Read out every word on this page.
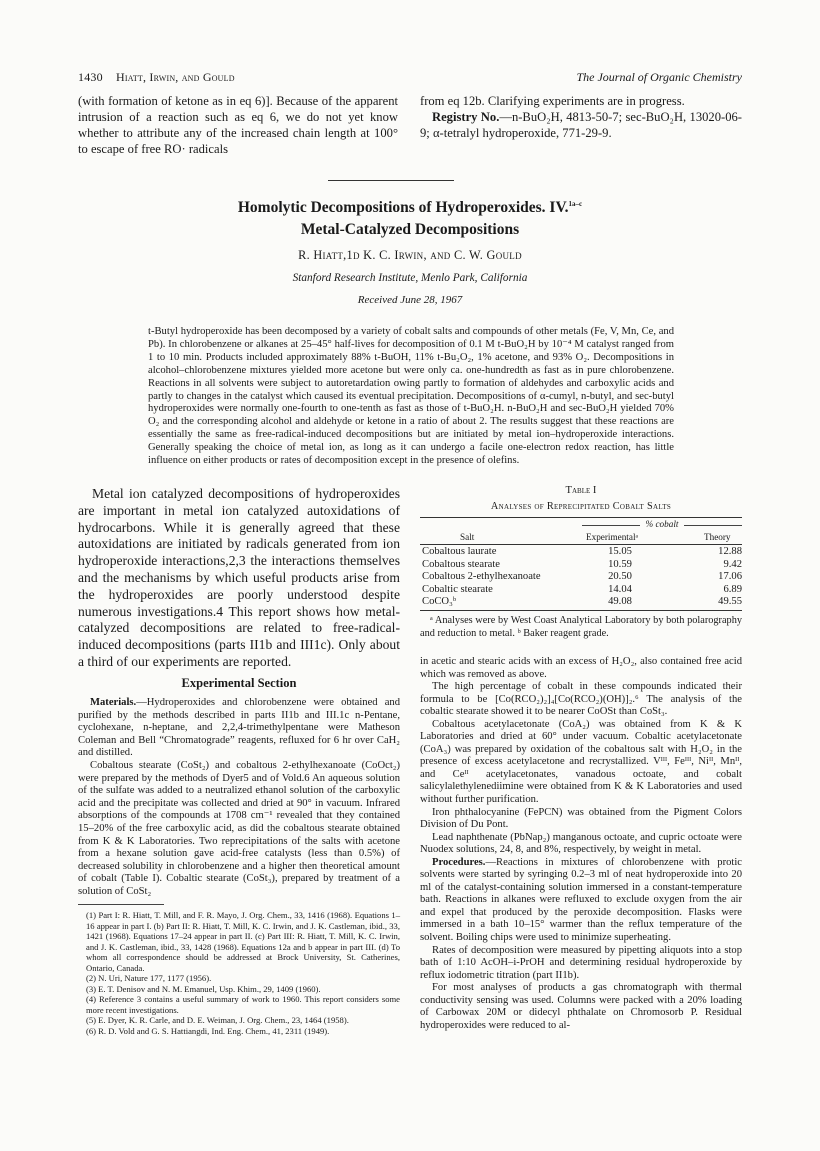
1430 Hiatt, Irwin, and Gould	The Journal of Organic Chemistry
(with formation of ketone as in eq 6)]. Because of the apparent intrusion of a reaction such as eq 6, we do not yet know whether to attribute any of the increased chain length at 100° to escape of free RO· radicals

from eq 12b. Clarifying experiments are in progress.

Registry No.—n-BuO₂H, 4813-50-7; sec-BuO₂H, 13020-06-9; α-tetralyl hydroperoxide, 771-29-9.

Homolytic Decompositions of Hydroperoxides. IV.$^{1a-c}$
Metal-Catalyzed Decompositions
R. Hiatt,1d K. C. Irwin, and C. W. Gould
Stanford Research Institute, Menlo Park, California
Received June 28, 1967
t-Butyl hydroperoxide has been decomposed by a variety of cobalt salts and compounds of other metals (Fe, V, Mn, Ce, and Pb). In chlorobenzene or alkanes at 25–45° half-lives for decomposition of 0.1 M t-BuO₂H by 10⁻⁴ M catalyst ranged from 1 to 10 min. Products included approximately 88% t-BuOH, 11% t-Bu₂O₂, 1% acetone, and 93% O₂. Decompositions in alcohol–chlorobenzene mixtures yielded more acetone but were only ca. one-hundredth as fast as in pure chlorobenzene. Reactions in all solvents were subject to autoretardation owing partly to formation of aldehydes and carboxylic acids and partly to changes in the catalyst which caused its eventual precipitation. Decompositions of α-cumyl, n-butyl, and sec-butyl hydroperoxides were normally one-fourth to one-tenth as fast as those of t-BuO₂H. n-BuO₂H and sec-BuO₂H yielded 70% O₂ and the corresponding alcohol and aldehyde or ketone in a ratio of about 2. The results suggest that these reactions are essentially the same as free-radical-induced decompositions but are initiated by metal ion–hydroperoxide interactions. Generally speaking the choice of metal ion, as long as it can undergo a facile one-electron redox reaction, has little influence on either products or rates of decomposition except in the presence of olefins.
Metal ion catalyzed decompositions of hydroperoxides are important in metal ion catalyzed autoxidations of hydrocarbons. While it is generally agreed that these autoxidations are initiated by radicals generated from ion hydroperoxide interactions,2,3 the interactions themselves and the mechanisms by which useful products arise from the hydroperoxides are poorly understood despite numerous investigations.4 This report shows how metal-catalyzed decompositions are related to free-radical-induced decompositions (parts II1b and III1c). Only about a third of our experiments are reported.
Experimental Section

Materials.—Hydroperoxides and chlorobenzene were obtained and purified by the methods described in parts II1b and III.1c n-Pentane, cyclohexane, n-heptane, and 2,2,4-trimethylpentane were Matheson Coleman and Bell “Chromatograde” reagents, refluxed for 6 hr over CaH₂ and distilled.

Cobaltous stearate (CoSt₂) and cobaltous 2-ethylhexanoate (CoOct₂) were prepared by the methods of Dyer5 and of Vold.6 An aqueous solution of the sulfate was added to a neutralized ethanol solution of the carboxylic acid and the precipitate was collected and dried at 90° in vacuum. Infrared absorptions of the compounds at 1708 cm⁻¹ revealed that they contained 15–20% of the free carboxylic acid, as did the cobaltous stearate obtained from K & K Laboratories. Two reprecipitations of the salts with acetone from a hexane solution gave acid-free catalysts (less than 0.5%) of decreased solubility in chlorobenzene and a higher then theoretical amount of cobalt (Table I). Cobaltic stearate (CoSt₃), prepared by treatment of a solution of CoSt₂

(1) Part I: R. Hiatt, T. Mill, and F. R. Mayo, J. Org. Chem., 33, 1416 (1968). Equations 1–16 appear in part I. (b) Part II: R. Hiatt, T. Mill, K. C. Irwin, and J. K. Castleman, ibid., 33, 1421 (1968). Equations 17–24 appear in part II. (c) Part III: R. Hiatt, T. Mill, K. C. Irwin, and J. K. Castleman, ibid., 33, 1428 (1968). Equations 12a and b appear in part III. (d) To whom all correspondence should be addressed at Brock University, St. Catherines, Ontario, Canada.

(2) N. Uri, Nature 177, 1177 (1956).

(3) E. T. Denisov and N. M. Emanuel, Usp. Khim., 29, 1409 (1960).

(4) Reference 3 contains a useful summary of work to 1960. This report considers some more recent investigations.

(5) E. Dyer, K. R. Carle, and D. E. Weiman, J. Org. Chem., 23, 1464 (1958).

(6) R. D. Vold and G. S. Hattiangdi, Ind. Eng. Chem., 41, 2311 (1949).

Table I
Analyses of Reprecipitated Cobalt Salts
% cobalt
Salt	Experimentalᵃ	Theory
Cobaltous laurate	15.05	12.88
Cobaltous stearate	10.59	9.42
Cobaltous 2-ethylhexanoate	20.50	17.06
Cobaltic stearate	14.04	6.89
CoCO₃ᵇ	49.08	49.55
ᵃ Analyses were by West Coast Analytical Laboratory by both polarography and reduction to metal. ᵇ Baker reagent grade.

in acetic and stearic acids with an excess of H₂O₂, also contained free acid which was removed as above.

The high percentage of cobalt in these compounds indicated their formula to be [Co(RCO₂)₂]₄[Co(RCO₂)(OH)]₂.⁶ The analysis of the cobaltic stearate showed it to be nearer CoOSt than CoSt₃.

Cobaltous acetylacetonate (CoA₂) was obtained from K & K Laboratories and dried at 60° under vacuum. Cobaltic acetylacetonate (CoA₃) was prepared by oxidation of the cobaltous salt with H₂O₂ in the presence of excess acetylacetone and recrystallized. Vᴵᴵᴵ, Feᴵᴵᴵ, Niᴵᴵ, Mnᴵᴵ, and Ceᴵᴵ acetylacetonates, vanadous octoate, and cobalt salicylalethylenediimine were obtained from K & K Laboratories and used without further purification.

Iron phthalocyanine (FePCN) was obtained from the Pigment Colors Division of Du Pont.

Lead naphthenate (PbNap₂) manganous octoate, and cupric octoate were Nuodex solutions, 24, 8, and 8%, respectively, by weight in metal.

Procedures.—Reactions in mixtures of chlorobenzene with protic solvents were started by syringing 0.2–3 ml of neat hydroperoxide into 20 ml of the catalyst-containing solution immersed in a constant-temperature bath. Reactions in alkanes were refluxed to exclude oxygen from the air and expel that produced by the peroxide decomposition. Flasks were immersed in a bath 10–15° warmer than the reflux temperature of the solvent. Boiling chips were used to minimize superheating.

Rates of decomposition were measured by pipetting aliquots into a stop bath of 1:10 AcOH–i-PrOH and determining residual hydroperoxide by reflux iodometric titration (part II1b).

For most analyses of products a gas chromatograph with thermal conductivity sensing was used. Columns were packed with a 20% loading of Carbowax 20M or didecyl phthalate on Chromosorb P. Residual hydroperoxides were reduced to al-
